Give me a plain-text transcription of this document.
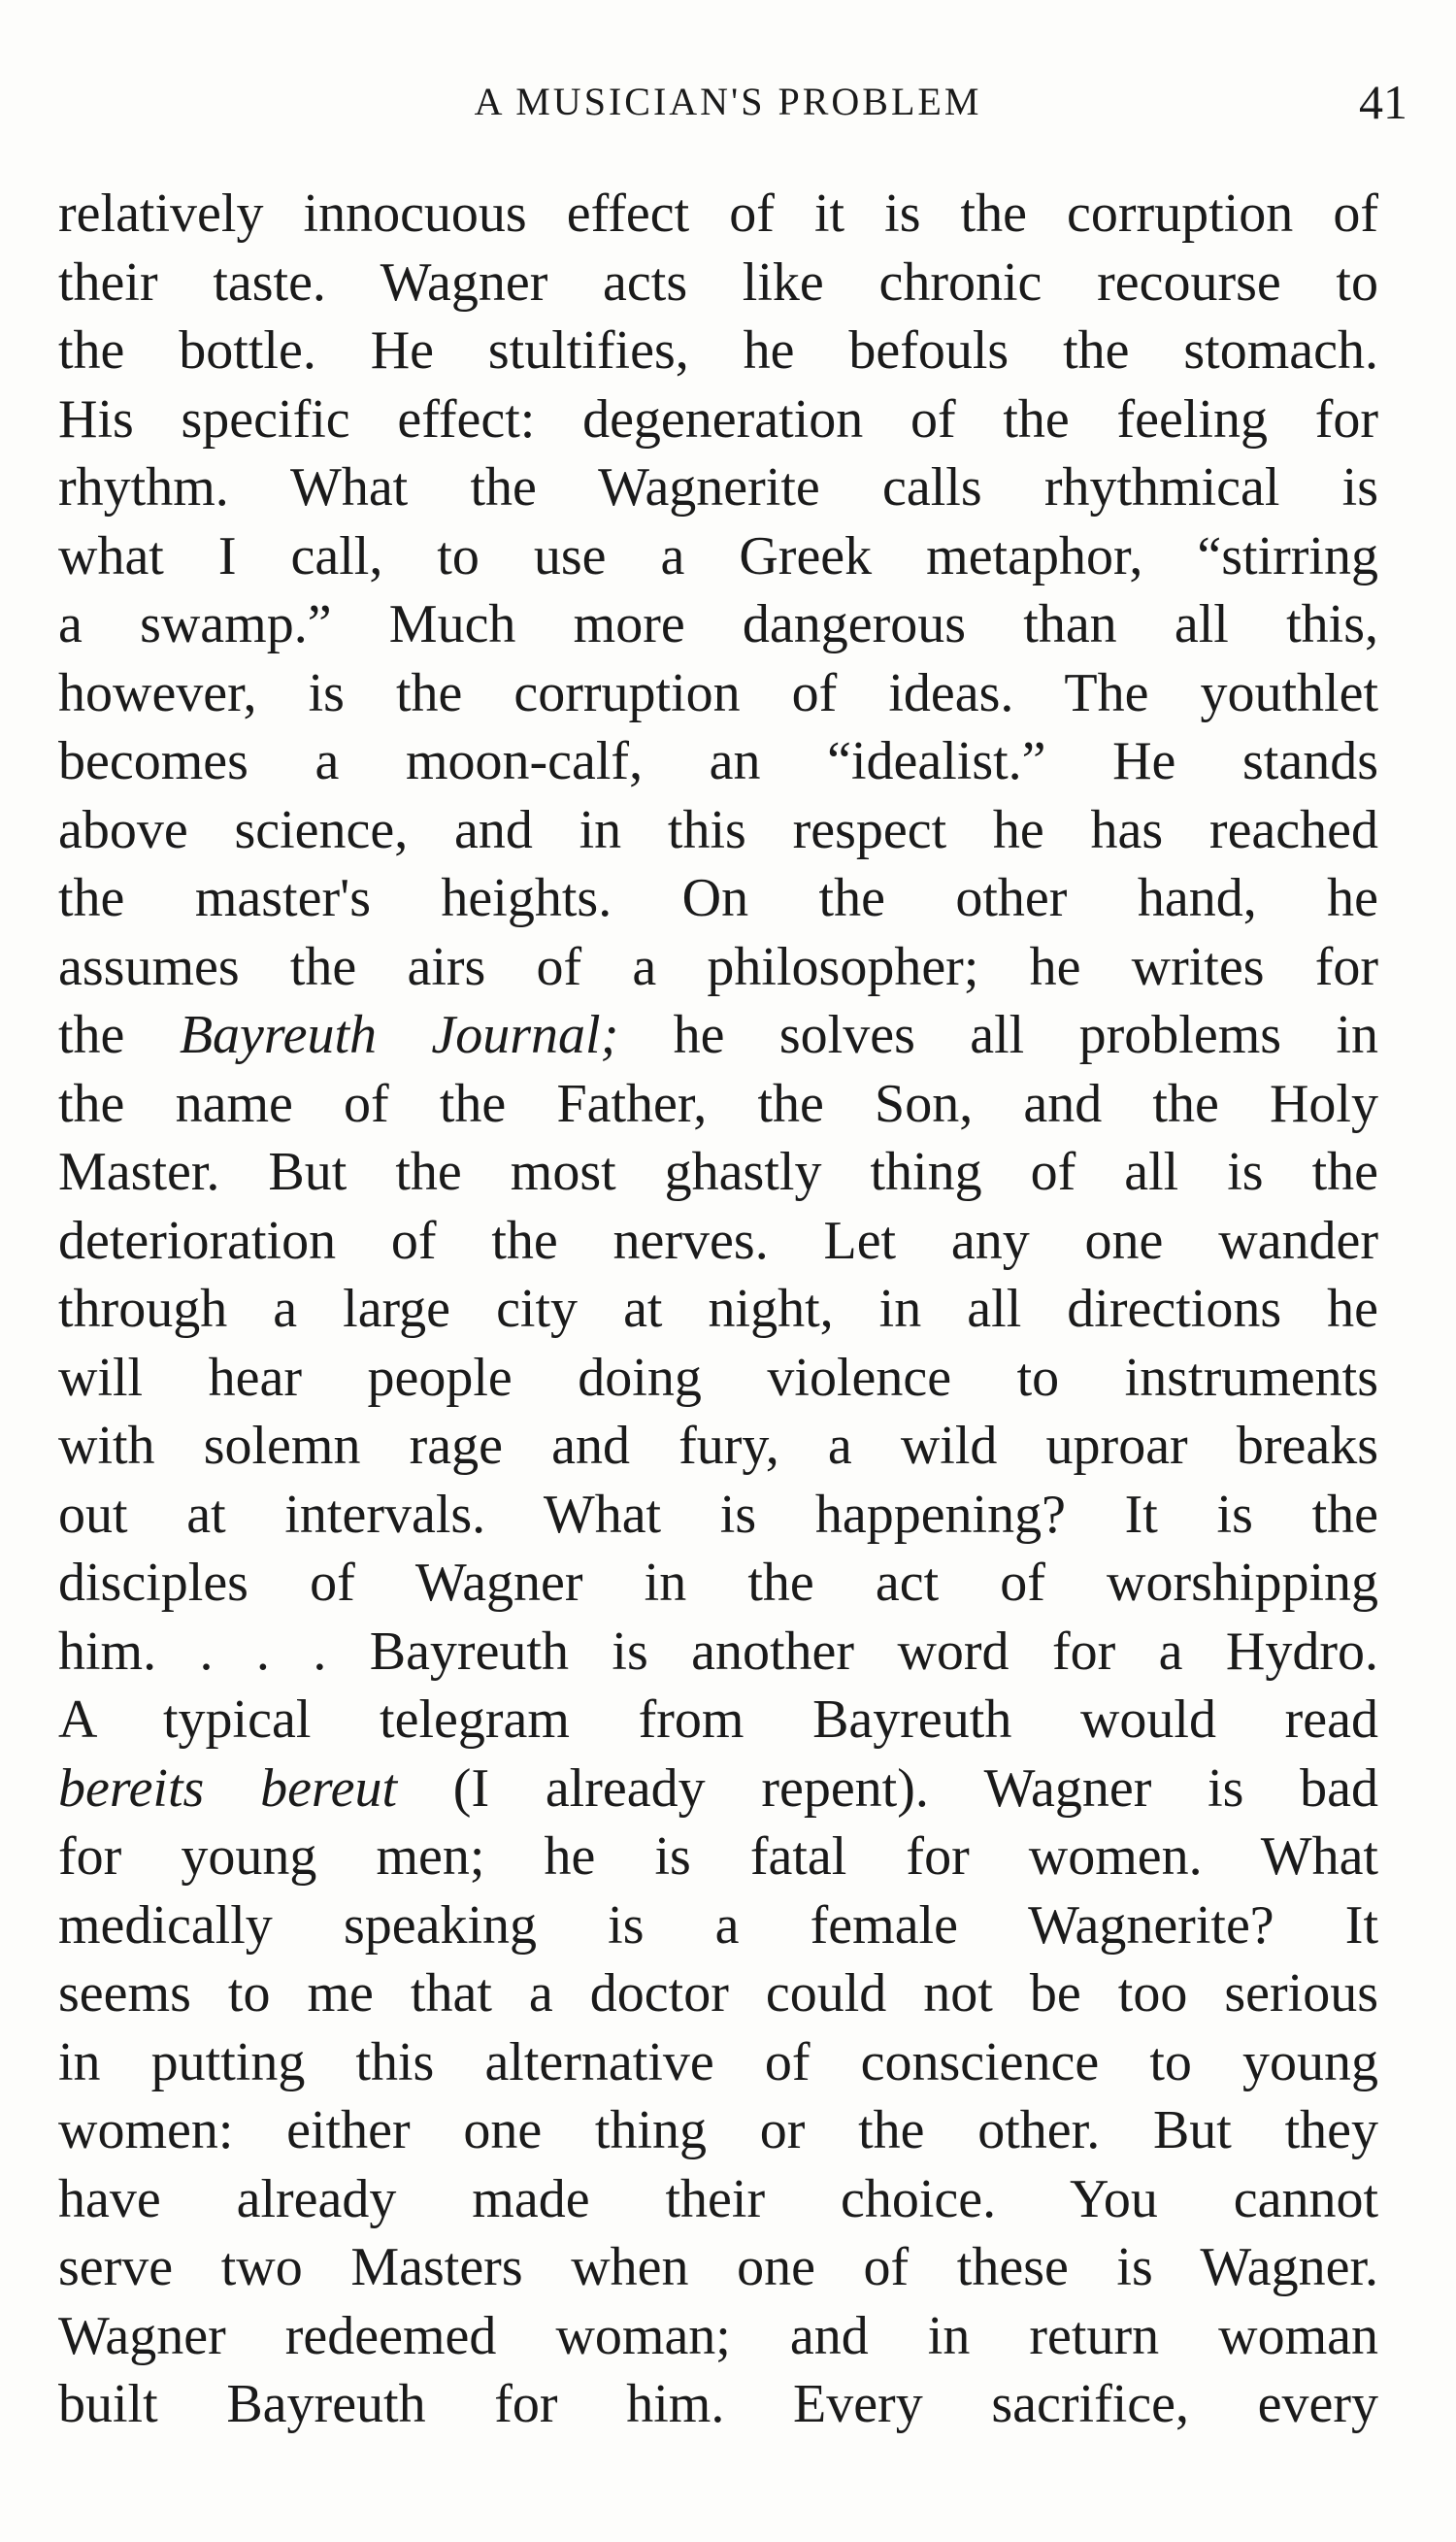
A MUSICIAN'S PROBLEM	41
relatively innocuous effect of it is the corruption of
their taste. Wagner acts like chronic recourse to
the bottle. He stultifies, he befouls the stomach.
His specific effect: degeneration of the feeling for
rhythm. What the Wagnerite calls rhythmical is
what I call, to use a Greek metaphor, “stirring
a swamp.” Much more dangerous than all this,
however, is the corruption of ideas. The youthlet
becomes a moon-calf, an “idealist.” He stands
above science, and in this respect he has reached
the master's heights. On the other hand, he
assumes the airs of a philosopher; he writes for
the Bayreuth Journal; he solves all problems in
the name of the Father, the Son, and the Holy
Master. But the most ghastly thing of all is the
deterioration of the nerves. Let any one wander
through a large city at night, in all directions he
will hear people doing violence to instruments
with solemn rage and fury, a wild uproar breaks
out at intervals. What is happening? It is the
disciples of Wagner in the act of worshipping
him. . . . Bayreuth is another word for a Hydro.
A typical telegram from Bayreuth would read
bereits bereut (I already repent). Wagner is bad
for young men; he is fatal for women. What
medically speaking is a female Wagnerite? It
seems to me that a doctor could not be too serious
in putting this alternative of conscience to young
women: either one thing or the other. But they
have already made their choice. You cannot
serve two Masters when one of these is Wagner.
Wagner redeemed woman; and in return woman
built Bayreuth for him. Every sacrifice, every
